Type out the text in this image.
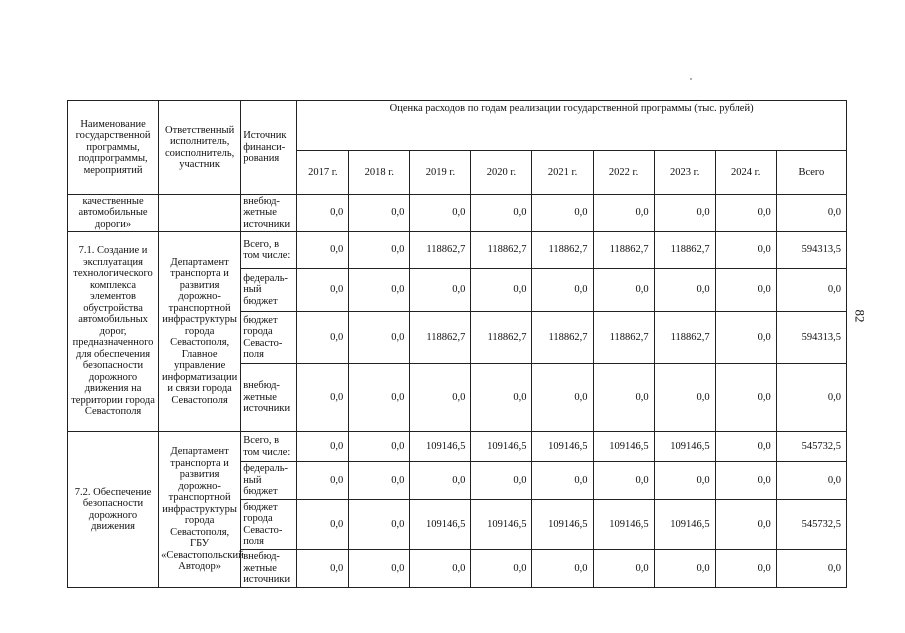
82
Наименование государственной программы, подпрограммы, мероприятий	Ответственный исполнитель, соисполнитель, участник	Источник финанси-рования	Оценка расходов по годам реализации государственной программы (тыс. рублей)								
			2017 г.	2018 г.	2019 г.	2020 г.	2021 г.	2022 г.	2023 г.	2024 г.	Всего
качественные автомобильные дороги»		внебюд-жетные источники	0,0	0,0	0,0	0,0	0,0	0,0	0,0	0,0	0,0
7.1. Создание и эксплуатация технологического комплекса элементов обустройства автомобильных дорог, предназначенного для обеспечения безопасности дорожного движения на территории города Севастополя	Департамент транспорта и развития дорожно-транспортной инфраструктуры города Севастополя, Главное управление информатизации и связи города Севастополя	Всего, в том числе:	0,0	0,0	118862,7	118862,7	118862,7	118862,7	118862,7	0,0	594313,5
		федераль-ный бюджет	0,0	0,0	0,0	0,0	0,0	0,0	0,0	0,0	0,0
		бюджет города Севасто-поля	0,0	0,0	118862,7	118862,7	118862,7	118862,7	118862,7	0,0	594313,5
		внебюд-жетные источники	0,0	0,0	0,0	0,0	0,0	0,0	0,0	0,0	0,0
7.2. Обеспечение безопасности дорожного движения	Департамент транспорта и развития дорожно-транспортной инфраструктуры города Севастополя, ГБУ «Севастопольский Автодор»	Всего, в том числе:	0,0	0,0	109146,5	109146,5	109146,5	109146,5	109146,5	0,0	545732,5
		федераль-ный бюджет	0,0	0,0	0,0	0,0	0,0	0,0	0,0	0,0	0,0
		бюджет города Севасто-поля	0,0	0,0	109146,5	109146,5	109146,5	109146,5	109146,5	0,0	545732,5
		внебюд-жетные источники	0,0	0,0	0,0	0,0	0,0	0,0	0,0	0,0	0,0
